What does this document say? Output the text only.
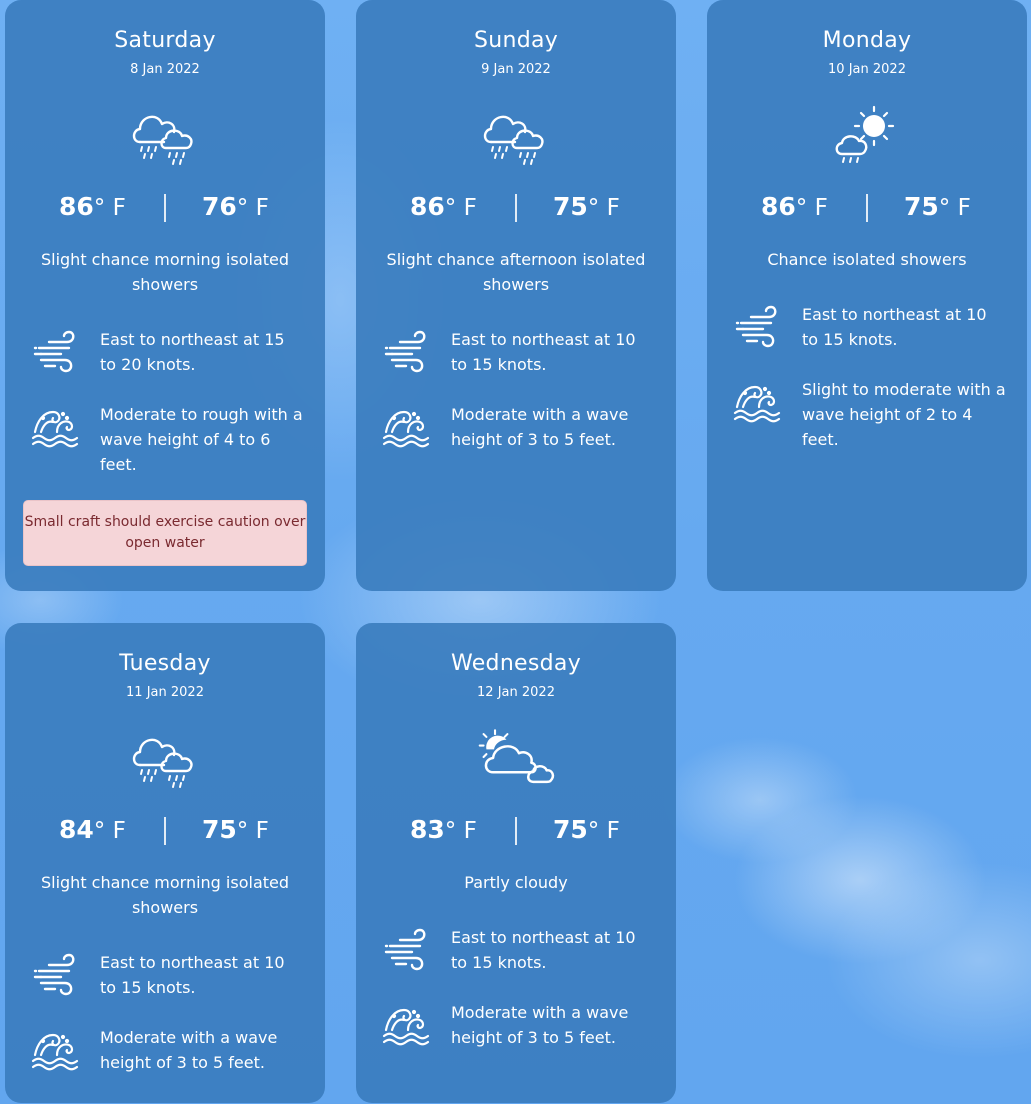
Saturday
8 Jan 2022
86° F	76° F
Slight chance morning isolated showers
East to northeast at 15 to 20 knots.
Moderate to rough with a wave height of 4 to 6 feet.
Small craft should exercise caution over open water
Sunday
9 Jan 2022
86° F	75° F
Slight chance afternoon isolated showers
East to northeast at 10 to 15 knots.
Moderate with a wave height of 3 to 5 feet.
Monday
10 Jan 2022
86° F	75° F
Chance isolated showers
East to northeast at 10 to 15 knots.
Slight to moderate with a wave height of 2 to 4 feet.
Tuesday
11 Jan 2022
84° F	75° F
Slight chance morning isolated showers
East to northeast at 10 to 15 knots.
Moderate with a wave height of 3 to 5 feet.
Wednesday
12 Jan 2022
83° F	75° F
Partly cloudy
East to northeast at 10 to 15 knots.
Moderate with a wave height of 3 to 5 feet.
